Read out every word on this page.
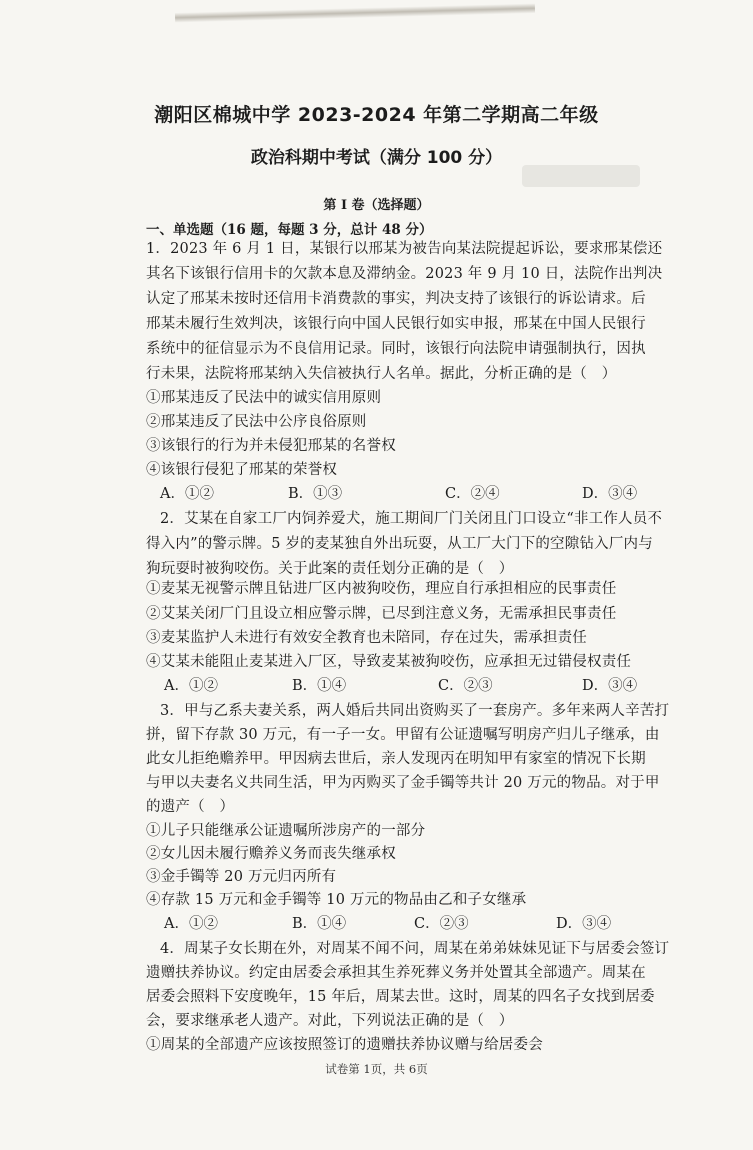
潮阳区棉城中学 2023-2024 年第二学期高二年级
政治科期中考试（满分 100 分）
第 I 卷（选择题）
一、单选题（16 题，每题 3 分，总计 48 分）
1．2023 年 6 月 1 日，某银行以邢某为被告向某法院提起诉讼，要求邢某偿还
其名下该银行信用卡的欠款本息及滞纳金。2023 年 9 月 10 日，法院作出判决
认定了邢某未按时还信用卡消费款的事实，判决支持了该银行的诉讼请求。后
邢某未履行生效判决，该银行向中国人民银行如实申报，邢某在中国人民银行
系统中的征信显示为不良信用记录。同时，该银行向法院申请强制执行，因执
行未果，法院将邢某纳入失信被执行人名单。据此，分析正确的是（　）
①邢某违反了民法中的诚实信用原则
②邢某违反了民法中公序良俗原则
③该银行的行为并未侵犯邢某的名誉权
④该银行侵犯了邢某的荣誉权
A．①②	B．①③	C．②④	D．③④
2．艾某在自家工厂内饲养爱犬，施工期间厂门关闭且门口设立“非工作人员不
得入内”的警示牌。5 岁的麦某独自外出玩耍，从工厂大门下的空隙钻入厂内与
狗玩耍时被狗咬伤。关于此案的责任划分正确的是（　）
①麦某无视警示牌且钻进厂区内被狗咬伤，理应自行承担相应的民事责任
②艾某关闭厂门且设立相应警示牌，已尽到注意义务，无需承担民事责任
③麦某监护人未进行有效安全教育也未陪同，存在过失，需承担责任
④艾某未能阻止麦某进入厂区，导致麦某被狗咬伤，应承担无过错侵权责任
A．①②	B．①④	C．②③	D．③④
3．甲与乙系夫妻关系，两人婚后共同出资购买了一套房产。多年来两人辛苦打
拼，留下存款 30 万元，有一子一女。甲留有公证遗嘱写明房产归儿子继承，由
此女儿拒绝赡养甲。甲因病去世后，亲人发现丙在明知甲有家室的情况下长期
与甲以夫妻名义共同生活，甲为丙购买了金手镯等共计 20 万元的物品。对于甲
的遗产（　）
①儿子只能继承公证遗嘱所涉房产的一部分
②女儿因未履行赡养义务而丧失继承权
③金手镯等 20 万元归丙所有
④存款 15 万元和金手镯等 10 万元的物品由乙和子女继承
A．①②	B．①④	C．②③	D．③④
4．周某子女长期在外，对周某不闻不问，周某在弟弟妹妹见证下与居委会签订
遗赠扶养协议。约定由居委会承担其生养死葬义务并处置其全部遗产。周某在
居委会照料下安度晚年，15 年后，周某去世。这时，周某的四名子女找到居委
会，要求继承老人遗产。对此，下列说法正确的是（　）
①周某的全部遗产应该按照签订的遗赠扶养协议赠与给居委会
试卷第 1页，共 6页
